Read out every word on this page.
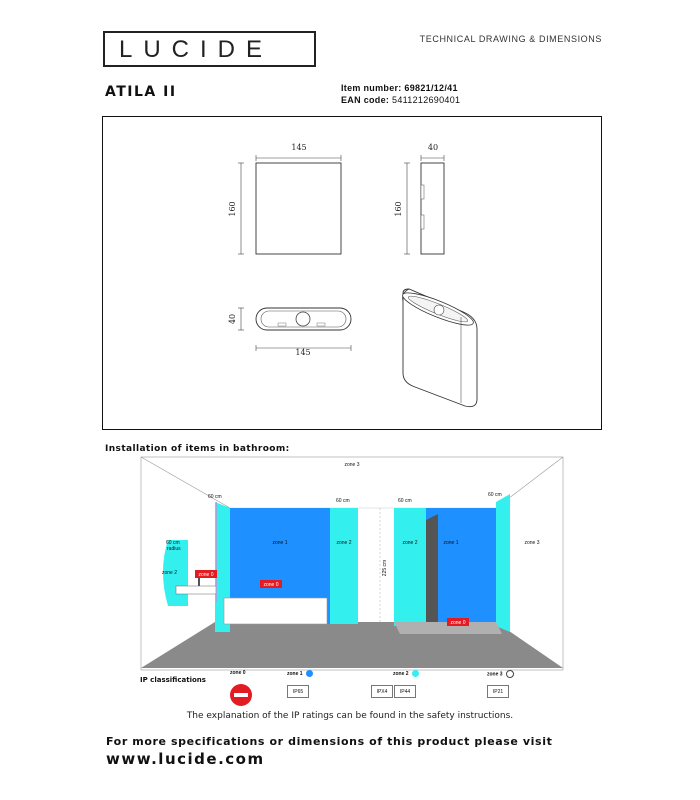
LUCIDE	TECHNICAL DRAWING & DIMENSIONS
ATILA II	Item number: 69821/12/41
EAN code: 5411212690401
145
160
40
160
40
145
Installation of items in bathroom:
zone 3
60 cm
60 cm	60 cm
60 cm
60 cm
radius
zone 2	zone 0
zone 1	zone 2
zone 0
225 cm
zone 2	zone 1	zone 3
zone 0
IP classifications
zone 0	zone 1
IP65
zone 2
IPX4	IP44
zone 3
IP21
The explanation of the IP ratings can be found in the safety instructions.
For more specifications or dimensions of this product please visit
www.lucide.com
